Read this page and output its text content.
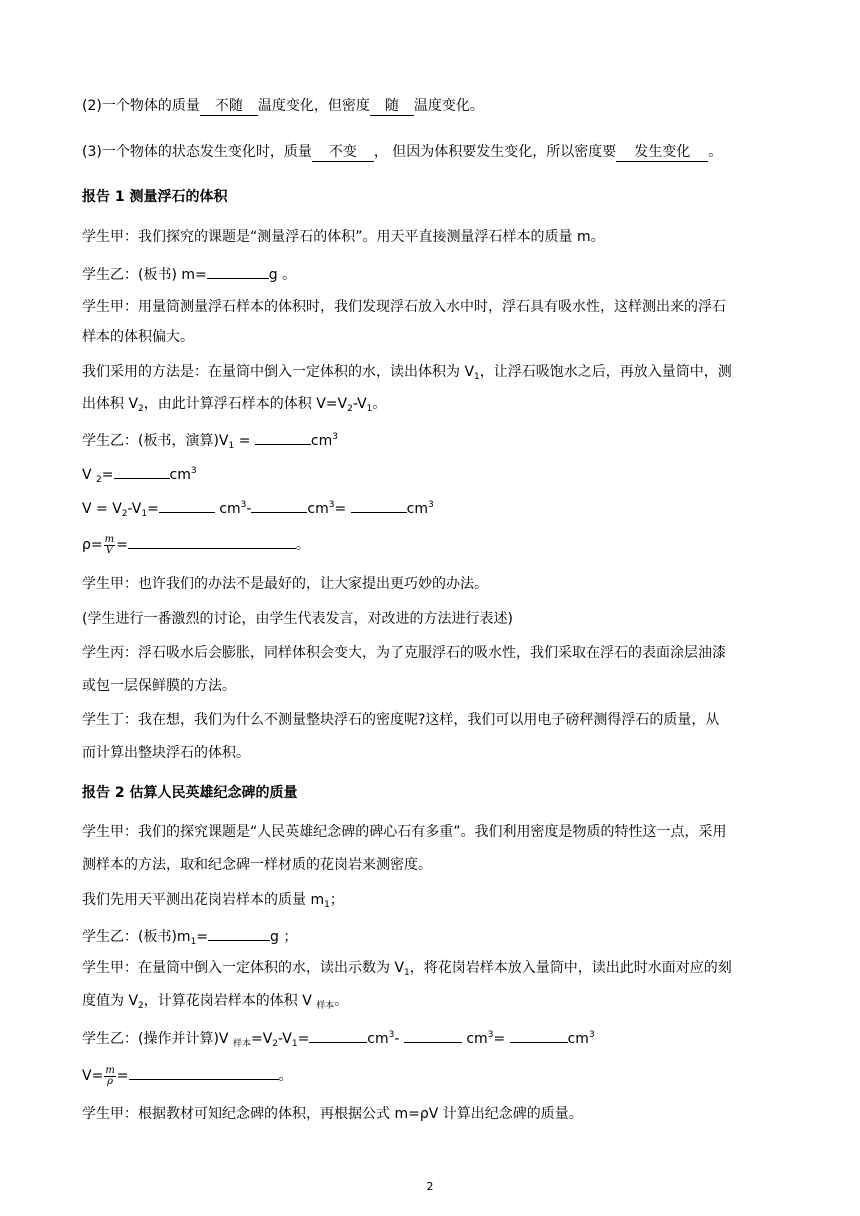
(2)一个物体的质量 不随 温度变化，但密度 随 温度变化。
(3)一个物体的状态发生变化时，质量 不变 ， 但因为体积要发生变化，所以密度要 发生变化 。
报告 1 测量浮石的体积
学生甲：我们探究的课题是“测量浮石的体积”。用天平直接测量浮石样本的质量 m。
学生乙：(板书) m=	g 。
学生甲：用量筒测量浮石样本的体积时，我们发现浮石放入水中时，浮石具有吸水性，这样测出来的浮石
样本的体积偏大。
我们采用的方法是：在量筒中倒入一定体积的水，读出体积为 $V_1$，让浮石吸饱水之后，再放入量筒中，测
出体积 $V_2$，由此计算浮石样本的体积 $V=V_2-V_1$。
学生乙：(板书，演算)$V_1$ =	$cm^3$
V $_2$=	$cm^3$
$V = V_2-V_1=$	$cm^3-$	$cm^3=$	$cm^3$
$\rho= \frac{m}{V}$ =	。
学生甲：也许我们的办法不是最好的，让大家提出更巧妙的办法。
(学生进行一番激烈的讨论，由学生代表发言，对改进的方法进行表述)
学生丙：浮石吸水后会膨胀，同样体积会变大，为了克服浮石的吸水性，我们采取在浮石的表面涂层油漆
或包一层保鲜膜的方法。
学生丁：我在想，我们为什么不测量整块浮石的密度呢?这样，我们可以用电子磅秤测得浮石的质量，从
而计算出整块浮石的体积。
报告 2 估算人民英雄纪念碑的质量
学生甲：我们的探究课题是“人民英雄纪念碑的碑心石有多重”。我们利用密度是物质的特性这一点，采用
测样本的方法，取和纪念碑一样材质的花岗岩来测密度。
我们先用天平测出花岗岩样本的质量 $m_1$；
学生乙：(板书)$m_1=$	g ；
学生甲：在量筒中倒入一定体积的水，读出示数为 $V_1$，将花岗岩样本放入量筒中，读出此时水面对应的刻
度值为 $V_2$，计算花岗岩样本的体积 V $_{样本}$。
学生乙：(操作并计算)V $_{样本}=V_2-V_1=$	$cm^3-$	$cm^3=$	$cm^3$
$V= \frac{m}{\rho}$ =	。
学生甲：根据教材可知纪念碑的体积，再根据公式 m=ρV 计算出纪念碑的质量。
2
